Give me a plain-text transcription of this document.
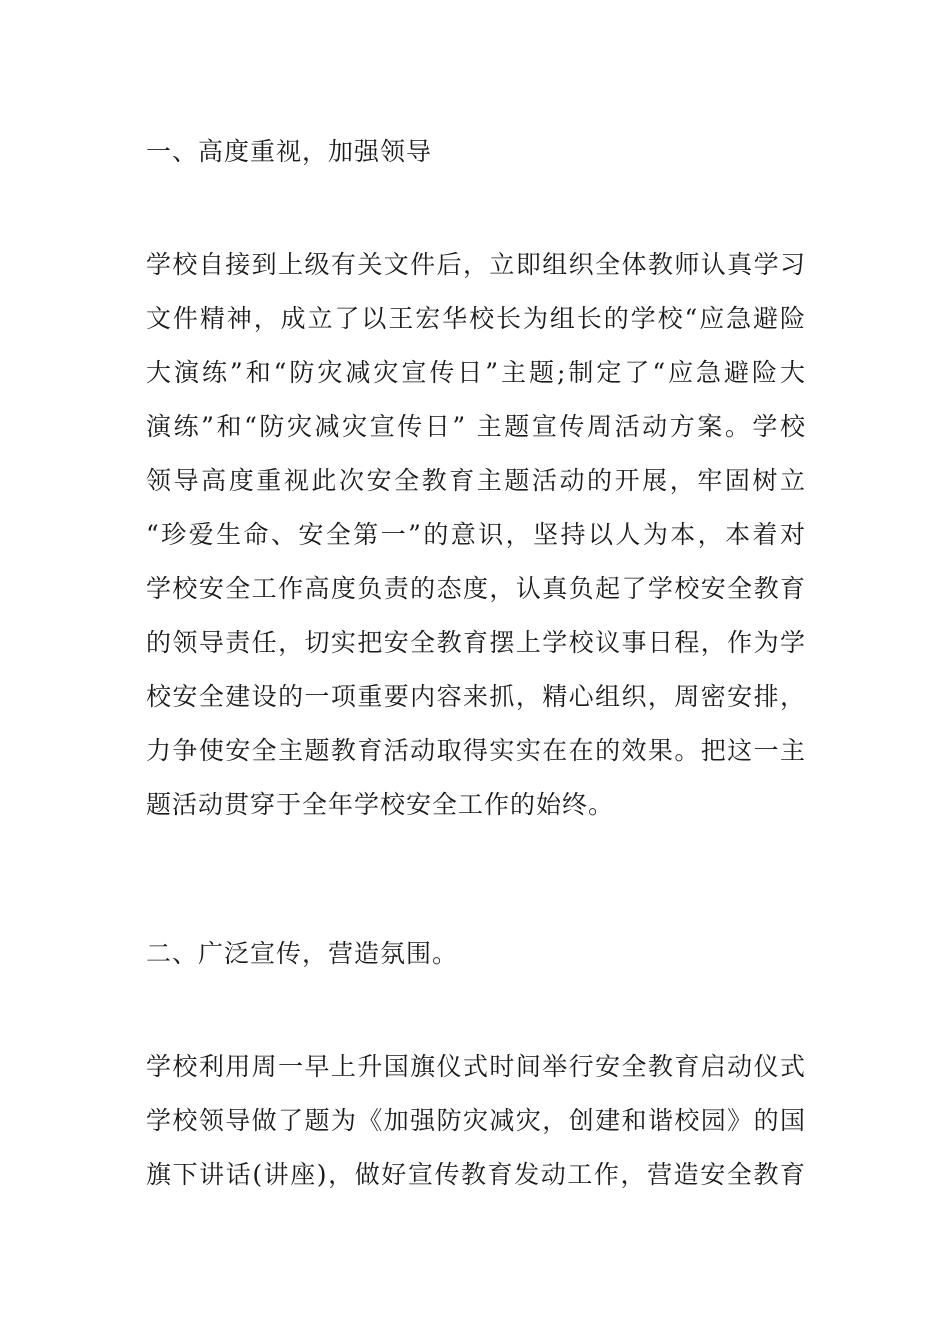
一、高度重视，加强领导
学校自接到上级有关文件后，立即组织全体教师认真学习
文件精神，成立了以王宏华校长为组长的学校“应急避险
大演练”和“防灾减灾宣传日”主题;制定了“应急避险大
演练”和“防灾减灾宣传日” 主题宣传周活动方案。学校
领导高度重视此次安全教育主题活动的开展，牢固树立
“珍爱生命、安全第一”的意识，坚持以人为本，本着对
学校安全工作高度负责的态度，认真负起了学校安全教育
的领导责任，切实把安全教育摆上学校议事日程，作为学
校安全建设的一项重要内容来抓，精心组织，周密安排，
力争使安全主题教育活动取得实实在在的效果。把这一主
题活动贯穿于全年学校安全工作的始终。
二、广泛宣传，营造氛围。
学校利用周一早上升国旗仪式时间举行安全教育启动仪式
学校领导做了题为《加强防灾减灾，创建和谐校园》的国
旗下讲话(讲座)，做好宣传教育发动工作，营造安全教育
